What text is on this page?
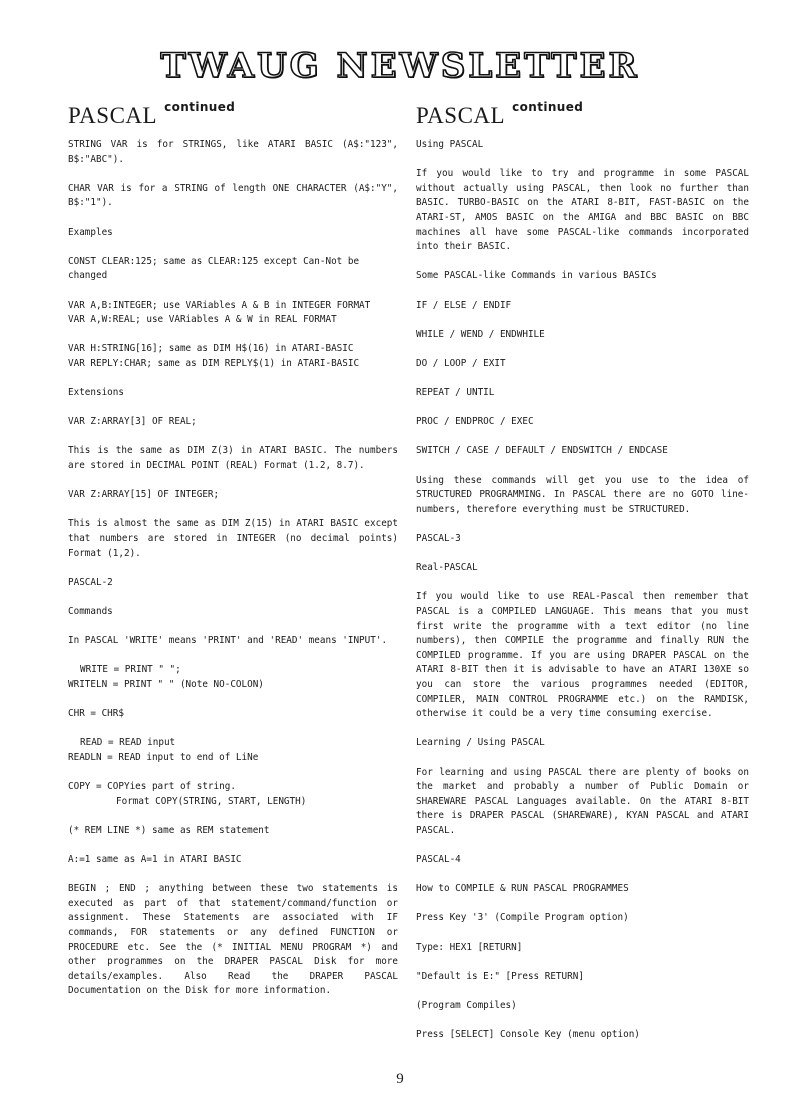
TWAUG NEWSLETTER
PASCAL $^{continued}$
STRING VAR is for STRINGS, like ATARI BASIC (A$:"123", B$:"ABC").
CHAR VAR is for a STRING of length ONE CHARACTER (A$:"Y", B$:"1").
Examples
CONST CLEAR:125; same as CLEAR:125 except Can-Not be
changed
VAR A,B:INTEGER; use VARiables A & B in INTEGER FORMAT
VAR A,W:REAL; use VARiables A & W in REAL FORMAT
VAR H:STRING[16]; same as DIM H$(16) in ATARI-BASIC
VAR REPLY:CHAR; same as DIM REPLY$(1) in ATARI-BASIC
Extensions
VAR Z:ARRAY[3] OF REAL;
This is the same as DIM Z(3) in ATARI BASIC. The numbers are stored in DECIMAL POINT (REAL) Format (1.2, 8.7).
VAR Z:ARRAY[15] OF INTEGER;
This is almost the same as DIM Z(15) in ATARI BASIC except that numbers are stored in INTEGER (no decimal points) Format (1,2).
PASCAL-2
Commands
In PASCAL 'WRITE' means 'PRINT' and 'READ' means 'INPUT'.
WRITE = PRINT " ";
WRITELN = PRINT " " (Note NO-COLON)
CHR = CHR$
READ = READ input
READLN = READ input to end of LiNe
COPY = COPYies part of string.
Format COPY(STRING, START, LENGTH)
(* REM LINE *) same as REM statement
A:=1 same as A=1 in ATARI BASIC
BEGIN ; END ; anything between these two statements is executed as part of that statement/command/function or assignment. These Statements are associated with IF commands, FOR statements or any defined FUNCTION or PROCEDURE etc. See the (* INITIAL MENU PROGRAM *) and other programmes on the DRAPER PASCAL Disk for more details/examples. Also Read the DRAPER PASCAL Documentation on the Disk for more information.
PASCAL $^{continued}$
Using PASCAL
If you would like to try and programme in some PASCAL without actually using PASCAL, then look no further than BASIC. TURBO-BASIC on the ATARI 8-BIT, FAST-BASIC on the ATARI-ST, AMOS BASIC on the AMIGA and BBC BASIC on BBC machines all have some PASCAL-like commands incorporated into their BASIC.
Some PASCAL-like Commands in various BASICs
IF / ELSE / ENDIF
WHILE / WEND / ENDWHILE
DO / LOOP / EXIT
REPEAT / UNTIL
PROC / ENDPROC / EXEC
SWITCH / CASE / DEFAULT / ENDSWITCH / ENDCASE
Using these commands will get you use to the idea of STRUCTURED PROGRAMMING. In PASCAL there are no GOTO line-numbers, therefore everything must be STRUCTURED.
PASCAL-3
Real-PASCAL
If you would like to use REAL-Pascal then remember that PASCAL is a COMPILED LANGUAGE. This means that you must first write the programme with a text editor (no line numbers), then COMPILE the programme and finally RUN the COMPILED programme. If you are using DRAPER PASCAL on the ATARI 8-BIT then it is advisable to have an ATARI 130XE so you can store the various programmes needed (EDITOR, COMPILER, MAIN CONTROL PROGRAMME etc.) on the RAMDISK, otherwise it could be a very time consuming exercise.
Learning / Using PASCAL
For learning and using PASCAL there are plenty of books on the market and probably a number of Public Domain or SHAREWARE PASCAL Languages available. On the ATARI 8-BIT there is DRAPER PASCAL (SHAREWARE), KYAN PASCAL and ATARI PASCAL.
PASCAL-4
How to COMPILE & RUN PASCAL PROGRAMMES
Press Key '3' (Compile Program option)
Type: HEX1 [RETURN]
"Default is E:" [Press RETURN]
(Program Compiles)
Press [SELECT] Console Key (menu option)
9
